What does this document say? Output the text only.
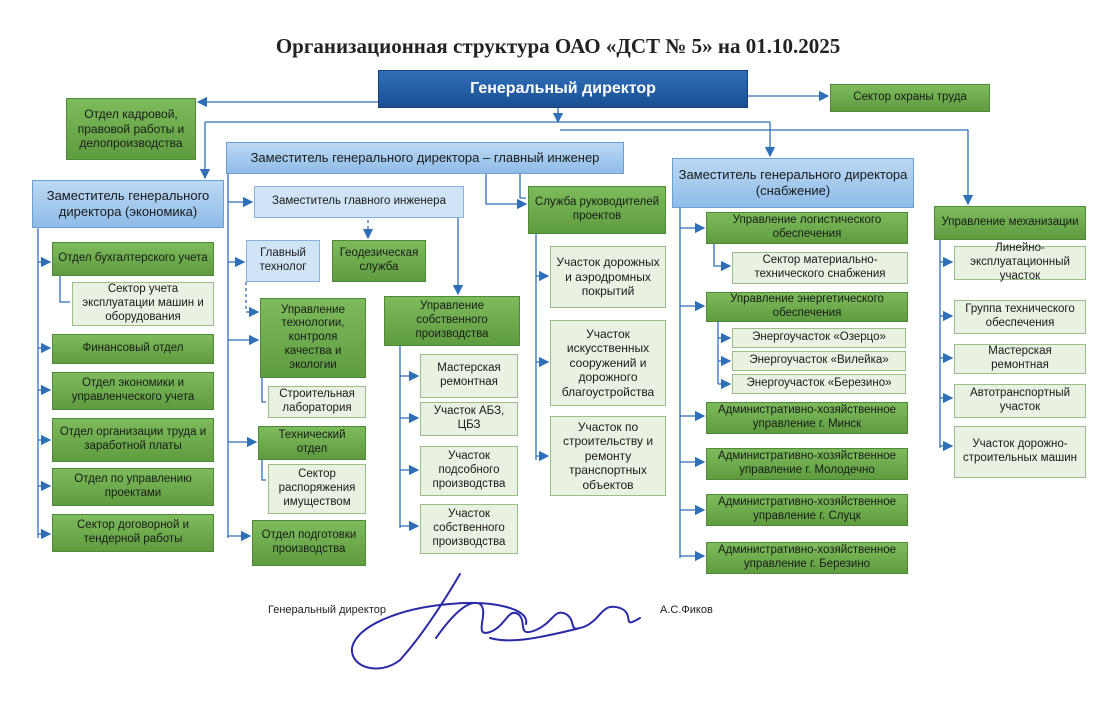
Организационная структура ОАО «ДСТ № 5» на 01.10.2025
Генеральный директор	Сектор охраны труда
Отдел кадровой, правовой работы и делопроизводства
Заместитель генерального директора – главный инженер
Заместитель генерального директора (экономика)
Заместитель генерального директора (снабжение)
Управление механизации
Заместитель главного инженера	Служба руководителей проектов
Главный технолог
Геодезическая служба
Управление технологии, контроля качества и экологии
Строительная лаборатория
Технический отдел
Сектор распоряжения имуществом
Отдел подготовки производства
Управление собственного производства
Мастерская ремонтная
Участок АБЗ, ЦБЗ
Участок подсобного производства
Участок собственного производства
Участок дорожных и аэродромных покрытий
Участок искусственных сооружений и дорожного благоустройства
Участок по строительству и ремонту транспортных объектов
Отдел бухгалтерского учета
Сектор учета эксплуатации машин и оборудования
Финансовый отдел
Отдел экономики и управленческого учета
Отдел организации труда и заработной платы
Отдел по управлению проектами
Сектор договорной и тендерной работы
Управление логистического обеспечения
Сектор материально-технического снабжения
Управление энергетического обеспечения
Энергоучасток «Озерцо»
Энергоучасток «Вилейка»
Энергоучасток «Березино»
Административно-хозяйственное управление г. Минск
Административно-хозяйственное управление г. Молодечно
Административно-хозяйственное управление г. Слуцк
Административно-хозяйственное управление г. Березино
Линейно-эксплуатационный участок
Группа технического обеспечения
Мастерская ремонтная
Автотранспортный участок
Участок дорожно-строительных машин
Генеральный директор	А.С.Фиков
